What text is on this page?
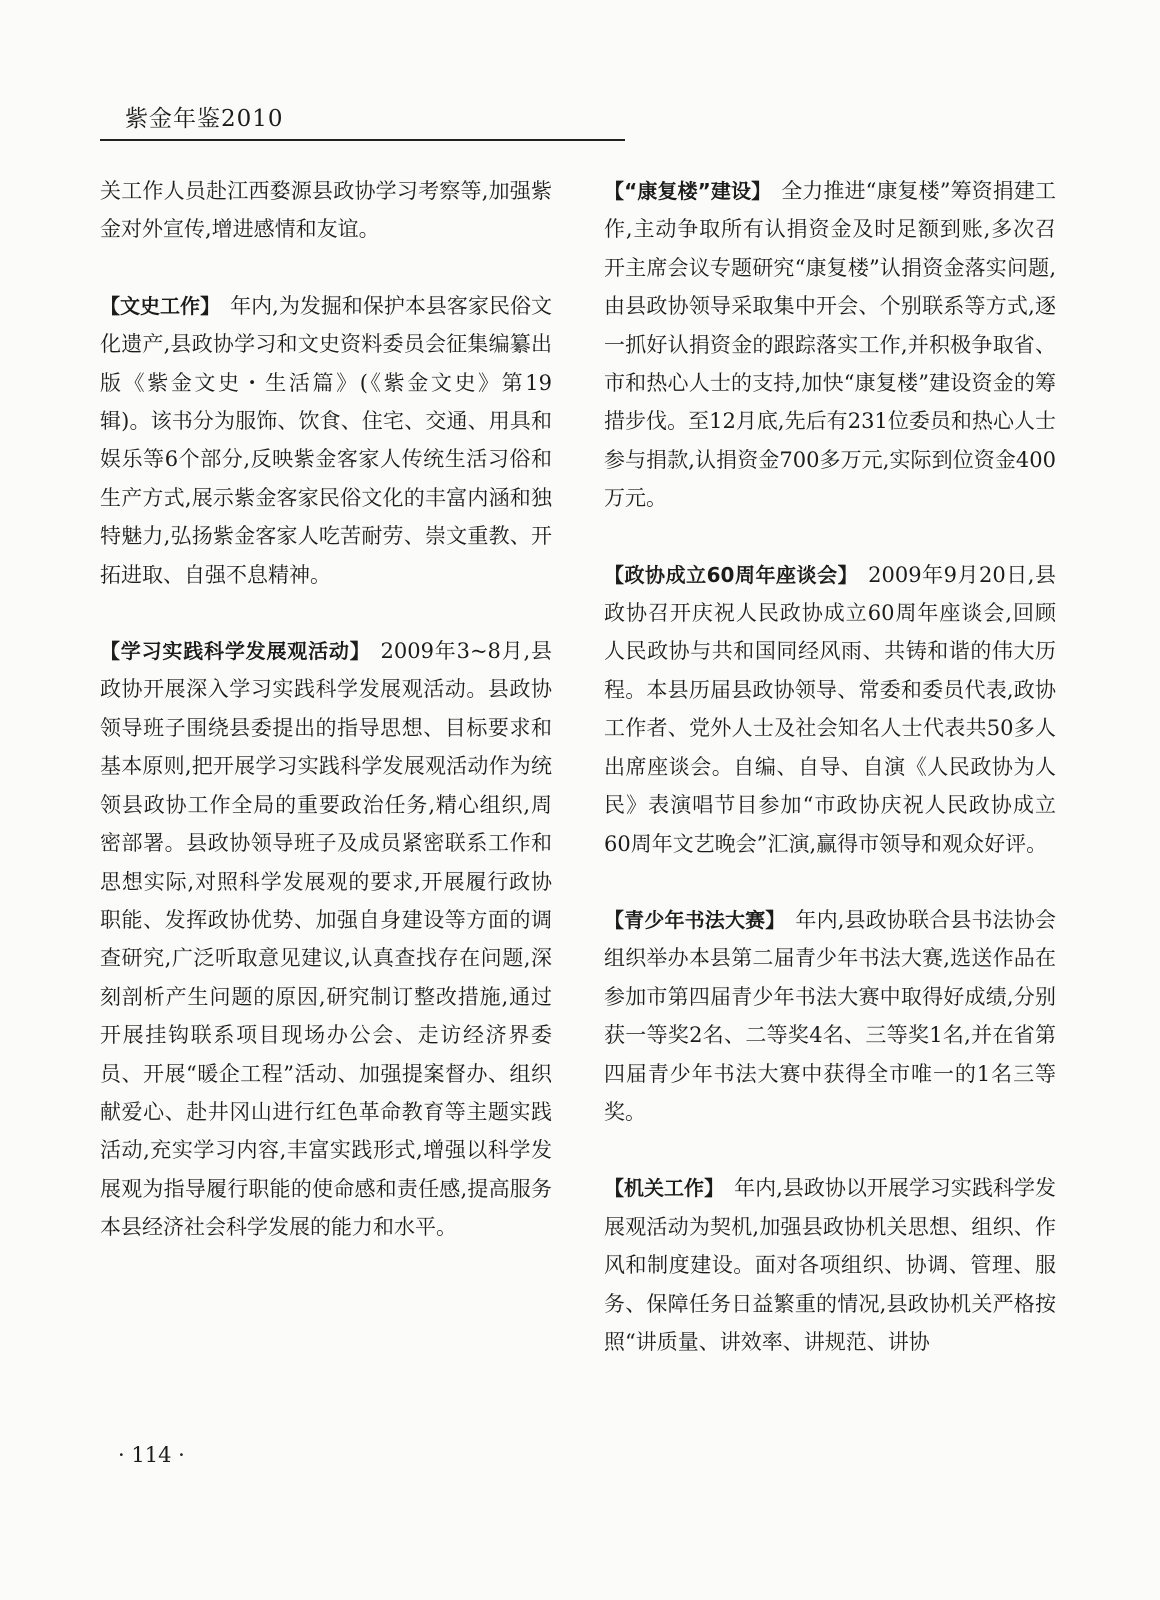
紫金年鉴2010

关工作人员赴江西婺源县政协学习考察等,加强紫金对外宣传,增进感情和友谊。

【文史工作】 年内,为发掘和保护本县客家民俗文化遗产,县政协学习和文史资料委员会征集编纂出版《紫金文史・生活篇》(《紫金文史》第19辑)。该书分为服饰、饮食、住宅、交通、用具和娱乐等6个部分,反映紫金客家人传统生活习俗和生产方式,展示紫金客家民俗文化的丰富内涵和独特魅力,弘扬紫金客家人吃苦耐劳、崇文重教、开拓进取、自强不息精神。

【学习实践科学发展观活动】 2009年3~8月,县政协开展深入学习实践科学发展观活动。县政协领导班子围绕县委提出的指导思想、目标要求和基本原则,把开展学习实践科学发展观活动作为统领县政协工作全局的重要政治任务,精心组织,周密部署。县政协领导班子及成员紧密联系工作和思想实际,对照科学发展观的要求,开展履行政协职能、发挥政协优势、加强自身建设等方面的调查研究,广泛听取意见建议,认真查找存在问题,深刻剖析产生问题的原因,研究制订整改措施,通过开展挂钩联系项目现场办公会、走访经济界委员、开展“暖企工程”活动、加强提案督办、组织献爱心、赴井冈山进行红色革命教育等主题实践活动,充实学习内容,丰富实践形式,增强以科学发展观为指导履行职能的使命感和责任感,提高服务本县经济社会科学发展的能力和水平。

【“康复楼”建设】 全力推进“康复楼”筹资捐建工作,主动争取所有认捐资金及时足额到账,多次召开主席会议专题研究“康复楼”认捐资金落实问题,由县政协领导采取集中开会、个别联系等方式,逐一抓好认捐资金的跟踪落实工作,并积极争取省、市和热心人士的支持,加快“康复楼”建设资金的筹措步伐。至12月底,先后有231位委员和热心人士参与捐款,认捐资金700多万元,实际到位资金400万元。

【政协成立60周年座谈会】 2009年9月20日,县政协召开庆祝人民政协成立60周年座谈会,回顾人民政协与共和国同经风雨、共铸和谐的伟大历程。本县历届县政协领导、常委和委员代表,政协工作者、党外人士及社会知名人士代表共50多人出席座谈会。自编、自导、自演《人民政协为人民》表演唱节目参加“市政协庆祝人民政协成立60周年文艺晚会”汇演,赢得市领导和观众好评。

【青少年书法大赛】 年内,县政协联合县书法协会组织举办本县第二届青少年书法大赛,选送作品在参加市第四届青少年书法大赛中取得好成绩,分别获一等奖2名、二等奖4名、三等奖1名,并在省第四届青少年书法大赛中获得全市唯一的1名三等奖。

【机关工作】 年内,县政协以开展学习实践科学发展观活动为契机,加强县政协机关思想、组织、作风和制度建设。面对各项组织、协调、管理、服务、保障任务日益繁重的情况,县政协机关严格按照“讲质量、讲效率、讲规范、讲协

· 114 ·
